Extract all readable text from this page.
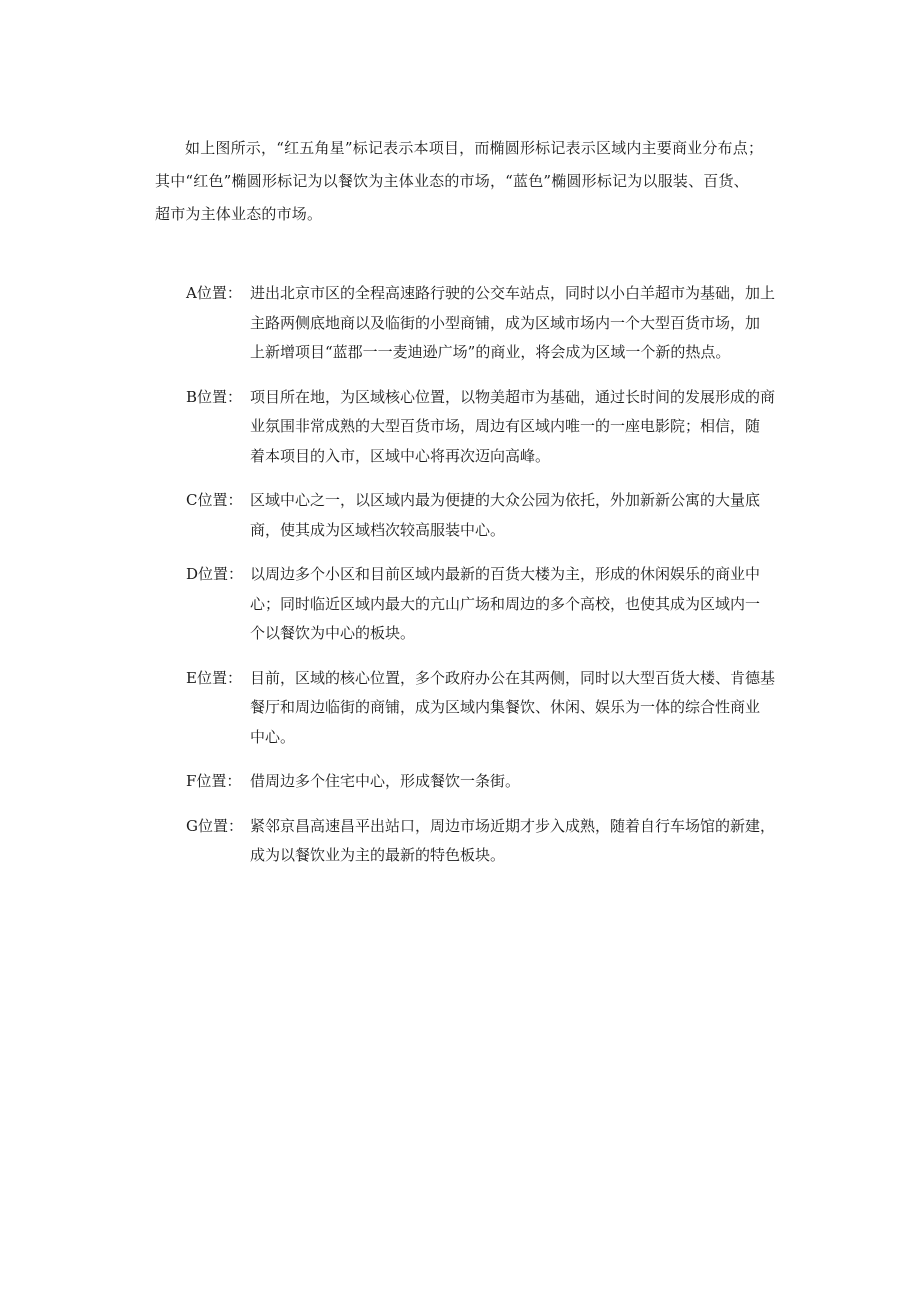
如上图所示，“红五角星”标记表示本项目，而椭圆形标记表示区域内主要商业分布点；
其中“红色”椭圆形标记为以餐饮为主体业态的市场，“蓝色”椭圆形标记为以服装、百货、
超市为主体业态的市场。
A位置： 进出北京市区的全程高速路行驶的公交车站点，同时以小白羊超市为基础，加上
主路两侧底地商以及临街的小型商铺，成为区域市场内一个大型百货市场，加
上新增项目“蓝郡一一麦迪逊广场”的商业，将会成为区域一个新的热点。
B位置： 项目所在地，为区域核心位置，以物美超市为基础，通过长时间的发展形成的商
业氛围非常成熟的大型百货市场，周边有区域内唯一的一座电影院；相信，随
着本项目的入市，区域中心将再次迈向高峰。
C位置： 区域中心之一，以区域内最为便捷的大众公园为依托，外加新新公寓的大量底
商，使其成为区域档次较高服装中心。
D位置： 以周边多个小区和目前区域内最新的百货大楼为主，形成的休闲娱乐的商业中
心；同时临近区域内最大的亢山广场和周边的多个高校，也使其成为区域内一
个以餐饮为中心的板块。
E位置： 目前，区域的核心位置，多个政府办公在其两侧，同时以大型百货大楼、肯德基
餐厅和周边临街的商铺，成为区域内集餐饮、休闲、娱乐为一体的综合性商业
中心。
F位置： 借周边多个住宅中心，形成餐饮一条街。
G位置： 紧邻京昌高速昌平出站口，周边市场近期才步入成熟，随着自行车场馆的新建，
成为以餐饮业为主的最新的特色板块。
